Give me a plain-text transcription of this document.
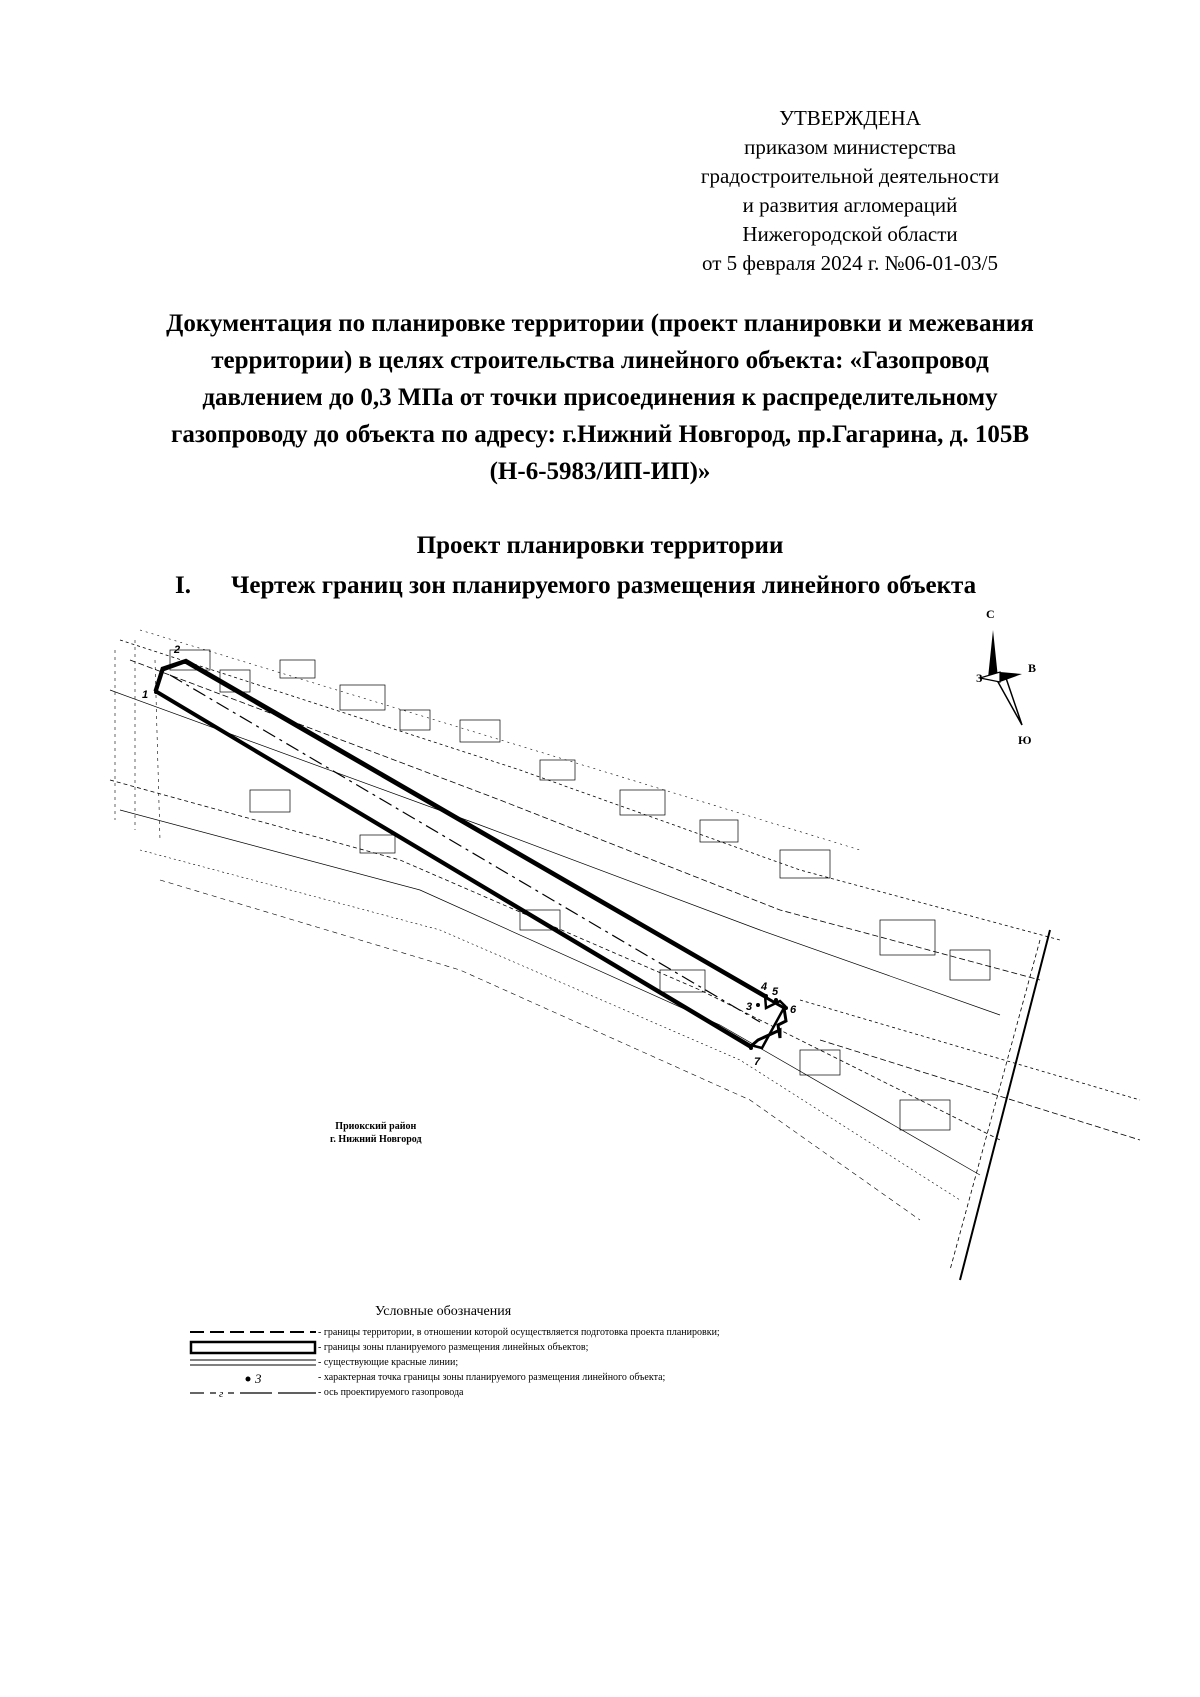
УТВЕРЖДЕНА
приказом министерства
градостроительной деятельности
и развития агломераций
Нижегородской области
от 5 февраля 2024 г. №06-01-03/5
Документация по планировке территории (проект планировки и межевания
территории) в целях строительства линейного объекта: «Газопровод
давлением до 0,3 МПа от точки присоединения к распределительному
газопроводу до объекта по адресу: г.Нижний Новгород, пр.Гагарина, д. 105В
(Н-6-5983/ИП-ИП)»
Проект планировки территории
I. Чертеж границ зон планируемого размещения линейного объекта
1
2
3
4 5
6
7
С
З
В
Ю
Приокский район
г. Нижний Новгород
Условные обозначения
- границы территории, в отношении которой осуществляется подготовка проекта планировки;
- границы зоны планируемого размещения линейных объектов;
- существующие красные линии;
3	- характерная точка границы зоны планируемого размещения линейного объекта;
г	- ось проектируемого газопровода
